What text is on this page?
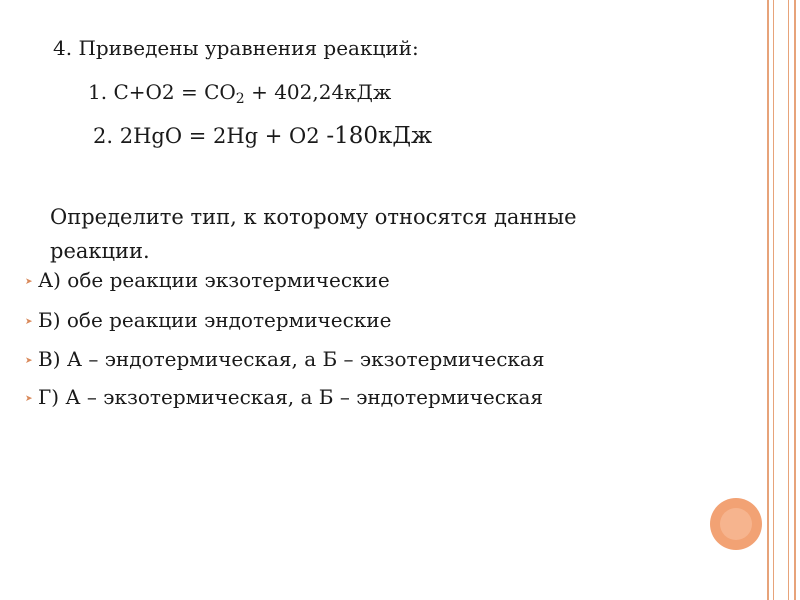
4. Приведены уравнения реакций:
1. $С+О2 = СО_2 + 402,24кДж$
2. 2HgO = 2Hg + O2 -180кДж
Определите тип, к которому относятся данные реакции.
➤ А) обе реакции экзотермические
➤ Б) обе реакции эндотермические
➤ В) А – эндотермическая, а Б – экзотермическая
➤ Г) А – экзотермическая, а Б – эндотермическая
